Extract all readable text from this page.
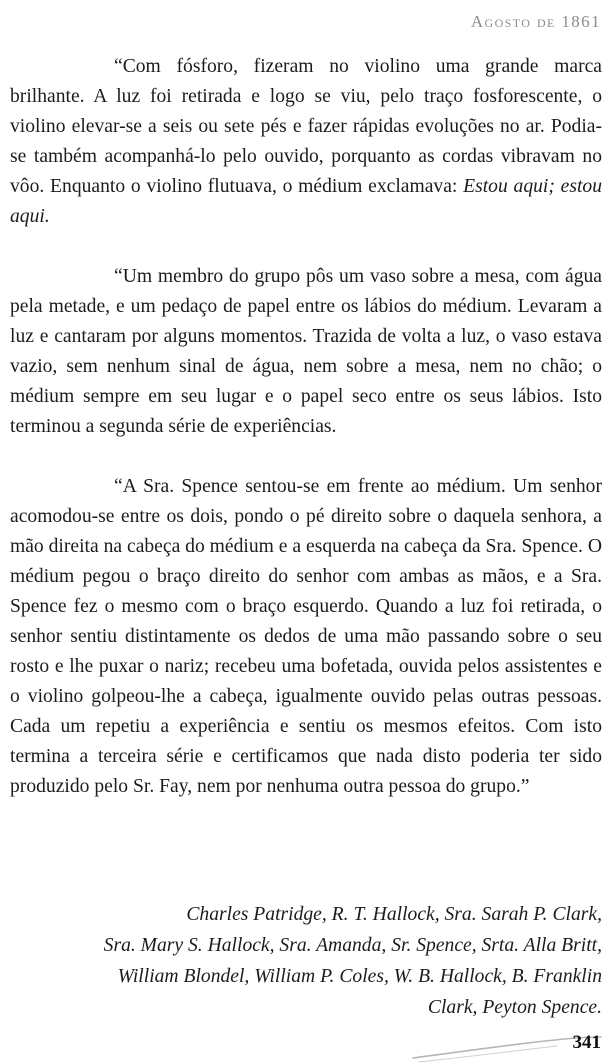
Agosto de 1861

“Com fósforo, fizeram no violino uma grande marca brilhante. A luz foi retirada e logo se viu, pelo traço fosforescente, o violino elevar-se a seis ou sete pés e fazer rápidas evoluções no ar. Podia-se também acompanhá-lo pelo ouvido, porquanto as cordas vibravam no vôo. Enquanto o violino flutuava, o médium exclamava: Estou aqui; estou aqui.

“Um membro do grupo pôs um vaso sobre a mesa, com água pela metade, e um pedaço de papel entre os lábios do médium. Levaram a luz e cantaram por alguns momentos. Trazida de volta a luz, o vaso estava vazio, sem nenhum sinal de água, nem sobre a mesa, nem no chão; o médium sempre em seu lugar e o papel seco entre os seus lábios. Isto terminou a segunda série de experiências.

“A Sra. Spence sentou-se em frente ao médium. Um senhor acomodou-se entre os dois, pondo o pé direito sobre o daquela senhora, a mão direita na cabeça do médium e a esquerda na cabeça da Sra. Spence. O médium pegou o braço direito do senhor com ambas as mãos, e a Sra. Spence fez o mesmo com o braço esquerdo. Quando a luz foi retirada, o senhor sentiu distintamente os dedos de uma mão passando sobre o seu rosto e lhe puxar o nariz; recebeu uma bofetada, ouvida pelos assistentes e o violino golpeou-lhe a cabeça, igualmente ouvido pelas outras pessoas. Cada um repetiu a experiência e sentiu os mesmos efeitos. Com isto termina a terceira série e certificamos que nada disto poderia ter sido produzido pelo Sr. Fay, nem por nenhuma outra pessoa do grupo.”

Charles Patridge, R. T. Hallock, Sra. Sarah P. Clark,
Sra. Mary S. Hallock, Sra. Amanda, Sr. Spence, Srta. Alla Britt,
William Blondel, William P. Coles, W. B. Hallock, B. Franklin
Clark, Peyton Spence.
341
